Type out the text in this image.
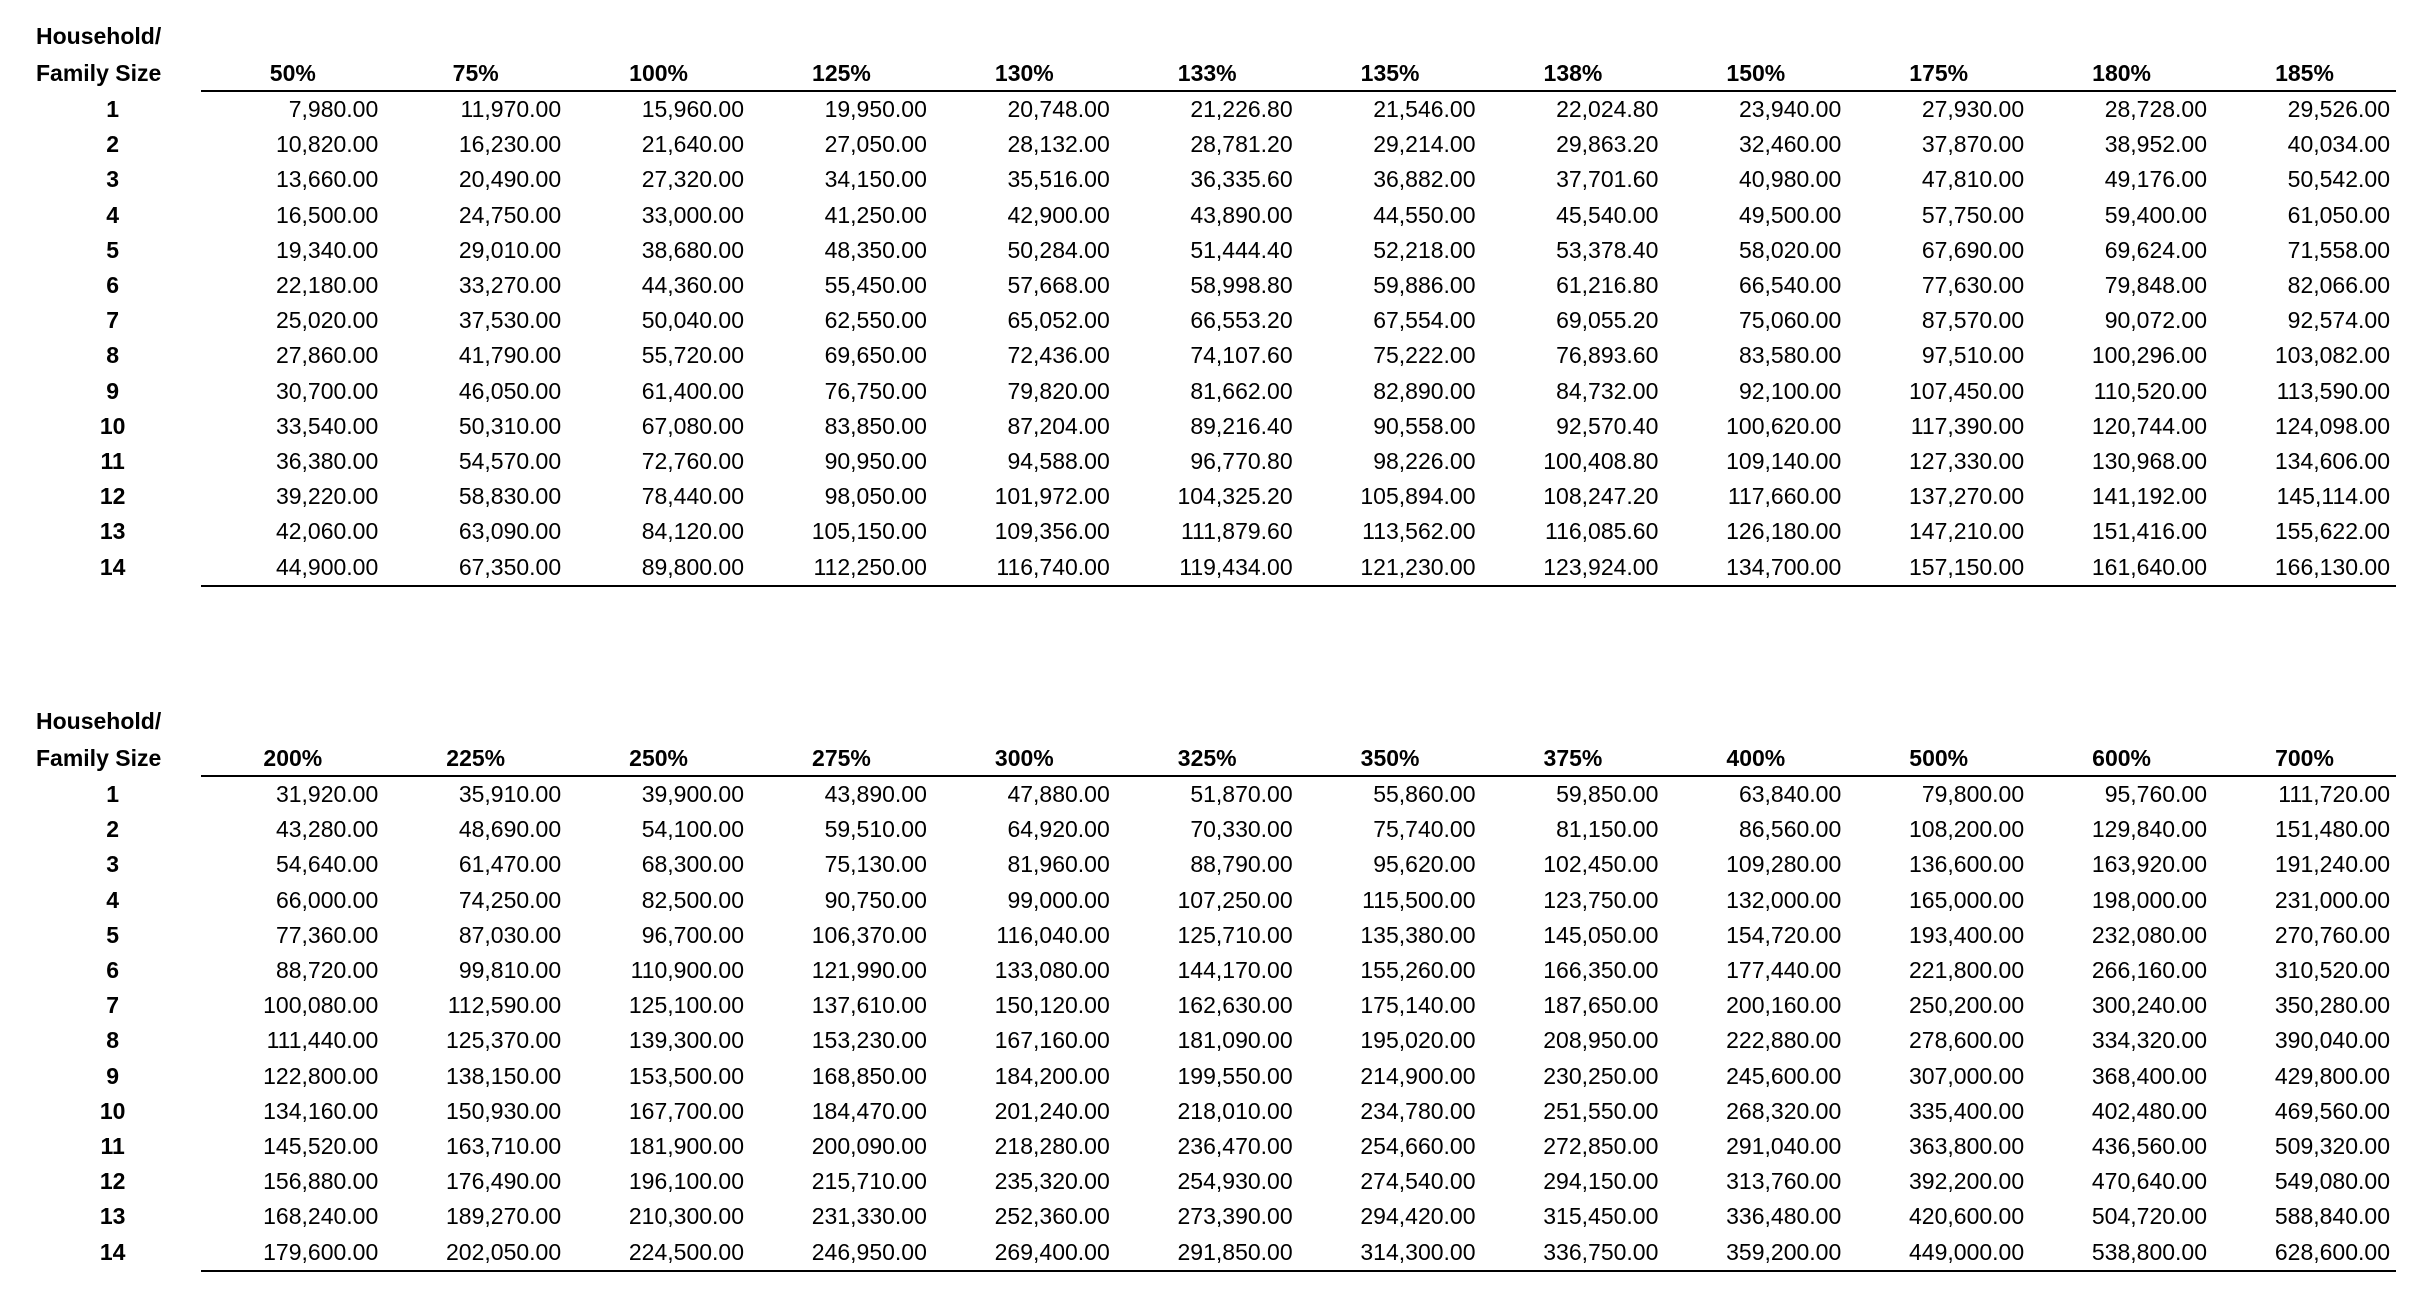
Household/												
Family Size	50%	75%	100%	125%	130%	133%	135%	138%	150%	175%	180%	185%
1	7,980.00	11,970.00	15,960.00	19,950.00	20,748.00	21,226.80	21,546.00	22,024.80	23,940.00	27,930.00	28,728.00	29,526.00
2	10,820.00	16,230.00	21,640.00	27,050.00	28,132.00	28,781.20	29,214.00	29,863.20	32,460.00	37,870.00	38,952.00	40,034.00
3	13,660.00	20,490.00	27,320.00	34,150.00	35,516.00	36,335.60	36,882.00	37,701.60	40,980.00	47,810.00	49,176.00	50,542.00
4	16,500.00	24,750.00	33,000.00	41,250.00	42,900.00	43,890.00	44,550.00	45,540.00	49,500.00	57,750.00	59,400.00	61,050.00
5	19,340.00	29,010.00	38,680.00	48,350.00	50,284.00	51,444.40	52,218.00	53,378.40	58,020.00	67,690.00	69,624.00	71,558.00
6	22,180.00	33,270.00	44,360.00	55,450.00	57,668.00	58,998.80	59,886.00	61,216.80	66,540.00	77,630.00	79,848.00	82,066.00
7	25,020.00	37,530.00	50,040.00	62,550.00	65,052.00	66,553.20	67,554.00	69,055.20	75,060.00	87,570.00	90,072.00	92,574.00
8	27,860.00	41,790.00	55,720.00	69,650.00	72,436.00	74,107.60	75,222.00	76,893.60	83,580.00	97,510.00	100,296.00	103,082.00
9	30,700.00	46,050.00	61,400.00	76,750.00	79,820.00	81,662.00	82,890.00	84,732.00	92,100.00	107,450.00	110,520.00	113,590.00
10	33,540.00	50,310.00	67,080.00	83,850.00	87,204.00	89,216.40	90,558.00	92,570.40	100,620.00	117,390.00	120,744.00	124,098.00
11	36,380.00	54,570.00	72,760.00	90,950.00	94,588.00	96,770.80	98,226.00	100,408.80	109,140.00	127,330.00	130,968.00	134,606.00
12	39,220.00	58,830.00	78,440.00	98,050.00	101,972.00	104,325.20	105,894.00	108,247.20	117,660.00	137,270.00	141,192.00	145,114.00
13	42,060.00	63,090.00	84,120.00	105,150.00	109,356.00	111,879.60	113,562.00	116,085.60	126,180.00	147,210.00	151,416.00	155,622.00
14	44,900.00	67,350.00	89,800.00	112,250.00	116,740.00	119,434.00	121,230.00	123,924.00	134,700.00	157,150.00	161,640.00	166,130.00
Household/												
Family Size	200%	225%	250%	275%	300%	325%	350%	375%	400%	500%	600%	700%
1	31,920.00	35,910.00	39,900.00	43,890.00	47,880.00	51,870.00	55,860.00	59,850.00	63,840.00	79,800.00	95,760.00	111,720.00
2	43,280.00	48,690.00	54,100.00	59,510.00	64,920.00	70,330.00	75,740.00	81,150.00	86,560.00	108,200.00	129,840.00	151,480.00
3	54,640.00	61,470.00	68,300.00	75,130.00	81,960.00	88,790.00	95,620.00	102,450.00	109,280.00	136,600.00	163,920.00	191,240.00
4	66,000.00	74,250.00	82,500.00	90,750.00	99,000.00	107,250.00	115,500.00	123,750.00	132,000.00	165,000.00	198,000.00	231,000.00
5	77,360.00	87,030.00	96,700.00	106,370.00	116,040.00	125,710.00	135,380.00	145,050.00	154,720.00	193,400.00	232,080.00	270,760.00
6	88,720.00	99,810.00	110,900.00	121,990.00	133,080.00	144,170.00	155,260.00	166,350.00	177,440.00	221,800.00	266,160.00	310,520.00
7	100,080.00	112,590.00	125,100.00	137,610.00	150,120.00	162,630.00	175,140.00	187,650.00	200,160.00	250,200.00	300,240.00	350,280.00
8	111,440.00	125,370.00	139,300.00	153,230.00	167,160.00	181,090.00	195,020.00	208,950.00	222,880.00	278,600.00	334,320.00	390,040.00
9	122,800.00	138,150.00	153,500.00	168,850.00	184,200.00	199,550.00	214,900.00	230,250.00	245,600.00	307,000.00	368,400.00	429,800.00
10	134,160.00	150,930.00	167,700.00	184,470.00	201,240.00	218,010.00	234,780.00	251,550.00	268,320.00	335,400.00	402,480.00	469,560.00
11	145,520.00	163,710.00	181,900.00	200,090.00	218,280.00	236,470.00	254,660.00	272,850.00	291,040.00	363,800.00	436,560.00	509,320.00
12	156,880.00	176,490.00	196,100.00	215,710.00	235,320.00	254,930.00	274,540.00	294,150.00	313,760.00	392,200.00	470,640.00	549,080.00
13	168,240.00	189,270.00	210,300.00	231,330.00	252,360.00	273,390.00	294,420.00	315,450.00	336,480.00	420,600.00	504,720.00	588,840.00
14	179,600.00	202,050.00	224,500.00	246,950.00	269,400.00	291,850.00	314,300.00	336,750.00	359,200.00	449,000.00	538,800.00	628,600.00
